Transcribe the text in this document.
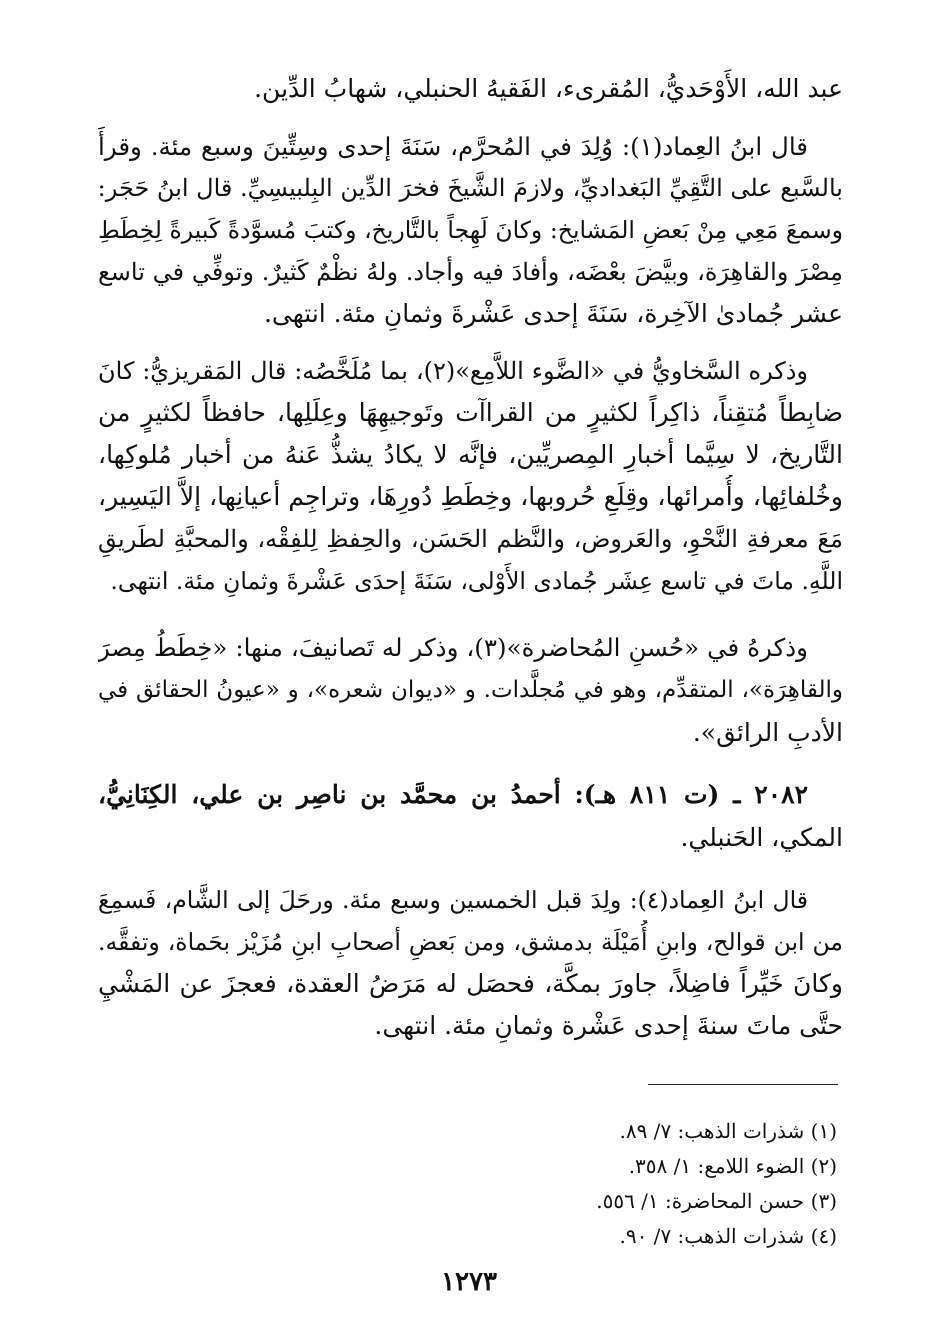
عبد الله، الأَوْحَديُّ، المُقرىء، الفَقيهُ الحنبلي، شهابُ الدِّين.

قال ابنُ العِماد(١): وُلِدَ في المُحرَّم، سَنَةَ إحدى وسِتِّينَ وسبع مئة. وقرأَ

بالسَّبع على التَّقِيِّ البَغداديِّ، ولازمَ الشَّيخَ فخرَ الدِّين البِلبيسِيِّ. قال ابنُ حَجَر:

وسمعَ مَعِي مِنْ بَعضِ المَشايخ: وكانَ لَهِجاً بالتَّاريخ، وكتبَ مُسوَّدةً كَبيرةً لِخِطَطِ

مِصْرَ والقاهِرَة، وبيَّضَ بعْضَه، وأفادَ فيه وأجاد. ولهُ نظْمٌ كَثيرٌ. وتوفِّي في تاسع

عشر جُمادىٰ الآخِرة، سَنَةَ إحدى عَشْرةَ وثمانِ مئة. انتهى.

وذكره السَّخاويُّ في «الضَّوء اللاَّمِع»(٢)، بما مُلَخَّصُه: قال المَقريزيُّ: كانَ

ضابِطاً مُتقِناً، ذاكِراً لكثيرٍ من القراآت وتَوجيهِهَا وعِلَلِها، حافظاً لكثيرٍ من

التَّاريخ، لا سِيَّما أخبارِ المِصريِّين، فإنَّه لا يكادُ يشذُّ عَنهُ من أخبار مُلوكِها،

وخُلفائِها، وأُمرائها، وقِلَعِ حُروبها، وخِطَطِ دُورِهَا، وتراجِم أعيانِها، إلاَّ اليَسِير،

مَعَ معرفةِ النَّحْوِ، والعَروض، والنَّظم الحَسَن، والحِفظِ لِلفِقْه، والمحبَّةِ لطَريقِ

اللَّهِ. ماتَ في تاسع عِشَر جُمادى الأَوْلى، سَنَةَ إحدَى عَشْرةَ وثمانِ مئة. انتهى.

وذكرهُ في «حُسنِ المُحاضرة»(٣)، وذكر له تَصانيفَ، منها: «خِطَطُ مِصرَ

والقاهِرَة»، المتقدِّم، وهو في مُجلَّدات. و «ديوان شعره»، و «عيونُ الحقائق في

الأدبِ الرائق».

٢٠٨٢ ـ (ت ٨١١ هـ): أحمدُ بن محمَّد بن ناصِر بن علي، الكِنَانِيُّ،

المكي، الحَنبلي.

قال ابنُ العِماد(٤): ولِدَ قبل الخمسين وسبع مئة. ورحَلَ إلى الشَّام، فَسمِعَ

من ابن قوالح، وابنِ أُمَيْلَة بدمشق، ومن بَعضِ أصحابِ ابنِ مُزَيْز بحَماة، وتفقَّه.

وكانَ خَيِّراً فاضِلاً، جاورَ بمكَّة، فحصَل له مَرَضُ العقدة، فعجزَ عن المَشْيِ

حتَّى ماتَ سنةَ إحدى عَشْرة وثمانِ مئة. انتهى.

(١) شذرات الذهب: ٧/ ٨٩.

(٢) الضوء اللامع: ١/ ٣٥٨.

(٣) حسن المحاضرة: ١/ ٥٥٦.

(٤) شذرات الذهب: ٧/ ٩٠.

١٢٧٣
